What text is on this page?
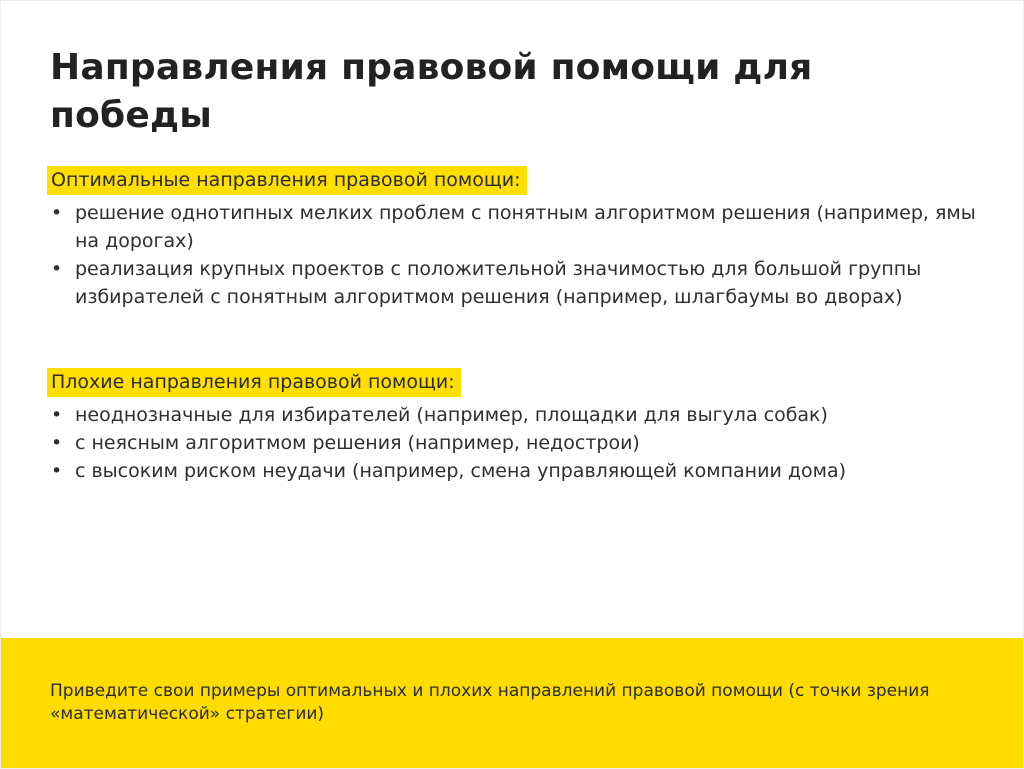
Направления правовой помощи для победы
Оптимальные направления правовой помощи:
• решение однотипных мелких проблем с понятным алгоритмом решения (например, ямы на дорогах)
• реализация крупных проектов с положительной значимостью для большой группы избирателей с понятным алгоритмом решения (например, шлагбаумы во дворах)
Плохие направления правовой помощи:
• неоднозначные для избирателей (например, площадки для выгула собак)
• с неясным алгоритмом решения (например, недострои)
• с высоким риском неудачи (например, смена управляющей компании дома)

Приведите свои примеры оптимальных и плохих направлений правовой помощи (с точки зрения «математической» стратегии)
